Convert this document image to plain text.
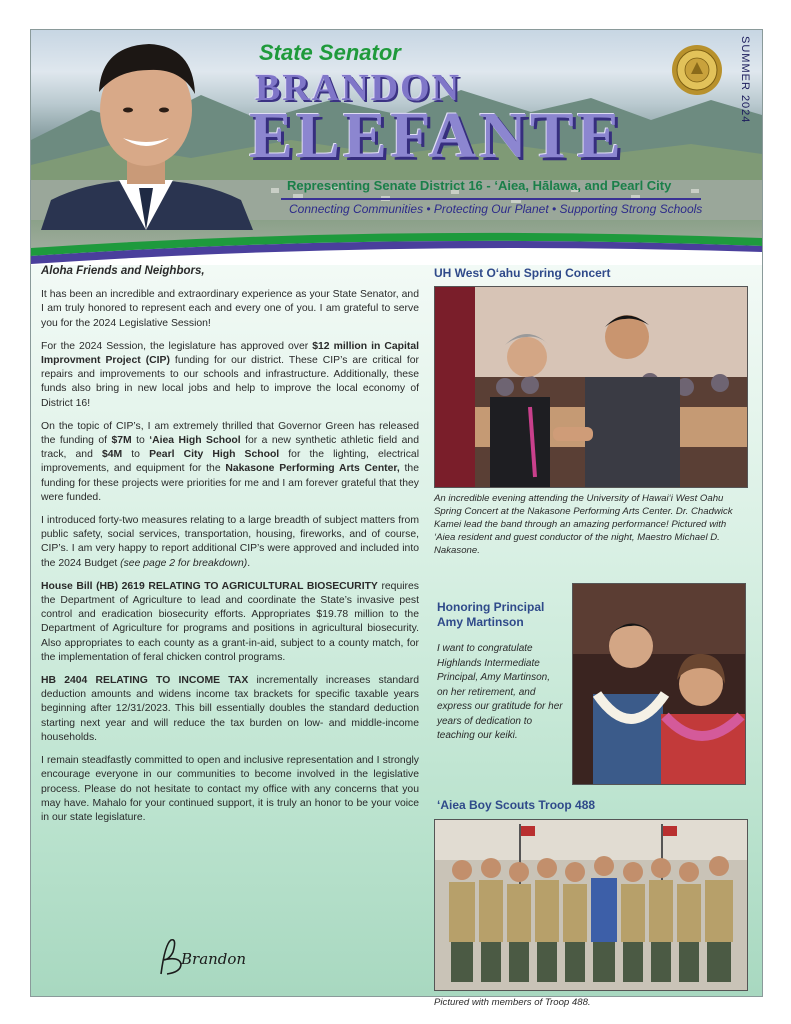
State Senator
BRANDON
ELEFANTE
Representing Senate District 16 - ‘Aiea, Hālawa, and Pearl City
Connecting Communities • Protecting Our Planet • Supporting Strong Schools
SUMMER 2024
Aloha Friends and Neighbors,

It has been an incredible and extraordinary experience as your State Senator, and I am truly honored to represent each and every one of you. I am grateful to serve you for the 2024 Legislative Session!

For the 2024 Session, the legislature has approved over $12 million in Capital Improvment Project (CIP) funding for our district. These CIP’s are critical for repairs and improvements to our schools and infrastructure. Additionally, these funds also bring in new local jobs and help to improve the local economy of District 16!

On the topic of CIP’s, I am extremely thrilled that Governor Green has released the funding of $7M to ‘Aiea High School for a new synthetic athletic field and track, and $4M to Pearl City High School for the lighting, electrical improvements, and equipment for the Nakasone Performing Arts Center, the funding for these projects were priorities for me and I am forever grateful that they were funded.

I introduced forty-two measures relating to a large breadth of subject matters from public safety, social services, transportation, housing, fireworks, and of course, CIP’s. I am very happy to report additional CIP’s were approved and included into the 2024 Budget (see page 2 for breakdown).

House Bill (HB) 2619 RELATING TO AGRICULTURAL BIOSECURITY requires the Department of Agriculture to lead and coordinate the State’s invasive pest control and eradication biosecurity efforts. Appropriates $19.78 million to the Department of Agriculture for programs and positions in agricultural biosecurity. Also appropriates to each county as a grant-in-aid, subject to a county match, for the implementation of feral chicken control programs.

HB 2404 RELATING TO INCOME TAX incrementally increases standard deduction amounts and widens income tax brackets for specific taxable years beginning after 12/31/2023. This bill essentially doubles the standard deduction starting next year and will reduce the tax burden on low- and middle-income households.

I remain steadfastly committed to open and inclusive representation and I strongly encourage everyone in our communities to become involved in the legislative process. Please do not hesitate to contact my office with any concerns that you may have. Mahalo for your continued support, it is truly an honor to be your voice in our state legislature.

Brandon
UH West O‘ahu Spring Concert
An incredible evening attending the University of Hawai‘i West Oahu Spring Concert at the Nakasone Performing Arts Center. Dr. Chadwick Kamei lead the band through an amazing performance! Pictured with ‘Aiea resident and guest conductor of the night, Maestro Michael D. Nakasone.
Honoring Principal
Amy Martinson
I want to congratulate Highlands Intermediate Principal, Amy Martinson, on her retirement, and express our gratitude for her years of dedication to teaching our keiki.
‘Aiea Boy Scouts Troop 488
Pictured with members of Troop 488.
